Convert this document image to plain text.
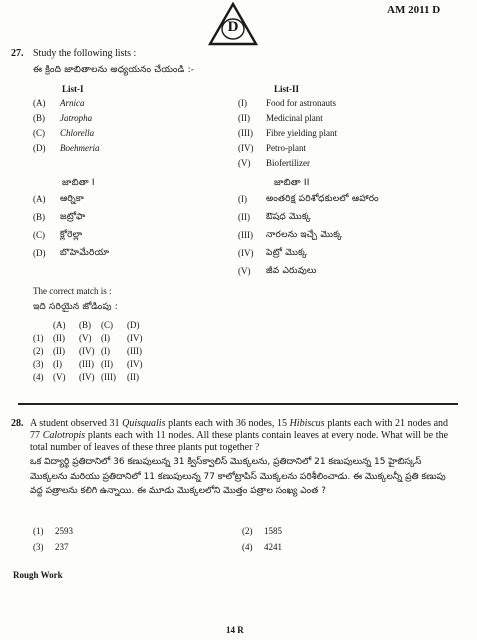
D
AM 2011 D
27. Study the following lists :
ఈ క్రింది జాబితాలను అధ్యయనం చేయండి :-
List-I	List-II
(A) Arnica
(B) Jatropha
(C) Chlorella
(D) Boehmeria
(I) Food for astronauts
(II) Medicinal plant
(III) Fibre yielding plant
(IV) Petro-plant
(V) Biofertilizer
జాబితా I	జాబితా II
(A) ఆర్నికా
(B) జట్రోఫా
(C) క్లోరెల్లా
(D) బొహెమేరియా
(I) అంతరిక్ష పరిశోధకులలో ఆహారం
(II) ఔషధ మొక్క
(III) నారలను ఇచ్చే మొక్క
(IV) పెట్రో మొక్క
(V) జీవ ఎరువులు
The correct match is :
ఇది సరియైన జోడింపు :
(A)	(B)	(C)	(D)
(1)	(II)	(V)	(I)	(IV)
(2)	(II)	(IV) (I)	(III)
(3)	(I)	(III) (II)	(IV)
(4)	(V)	(IV) (III)	(II)
28. A student observed 31 Quisqualis plants each with 36 nodes, 15 Hibiscus plants each with 21 nodes and 77 Calotropis plants each with 11 nodes. All these plants contain leaves at every node. What will be the total number of leaves of these three plants put together ?
ఒక విద్యార్థి ప్రతిదానిలో 36 కణుపులున్న 31 క్విస్‌క్వాలిస్ మొక్కలను, ప్రతిదానిలో 21 కణుపులున్న 15 హైబిస్కస్ మొక్కలను మరియు ప్రతిదానిలో 11 కణుపులున్న 77 కాలోట్రాపిస్ మొక్కలను పరిశీలించాడు. ఈ మొక్కలన్నీ ప్రతి కణుపు వద్ద పత్రాలను కలిగి ఉన్నాయి. ఈ మూడు మొక్కలలోని మొత్తం పత్రాల సంఖ్య ఎంత ?
(1) 2593	(2) 1585
(3) 237	(4) 4241
Rough Work
14 R
